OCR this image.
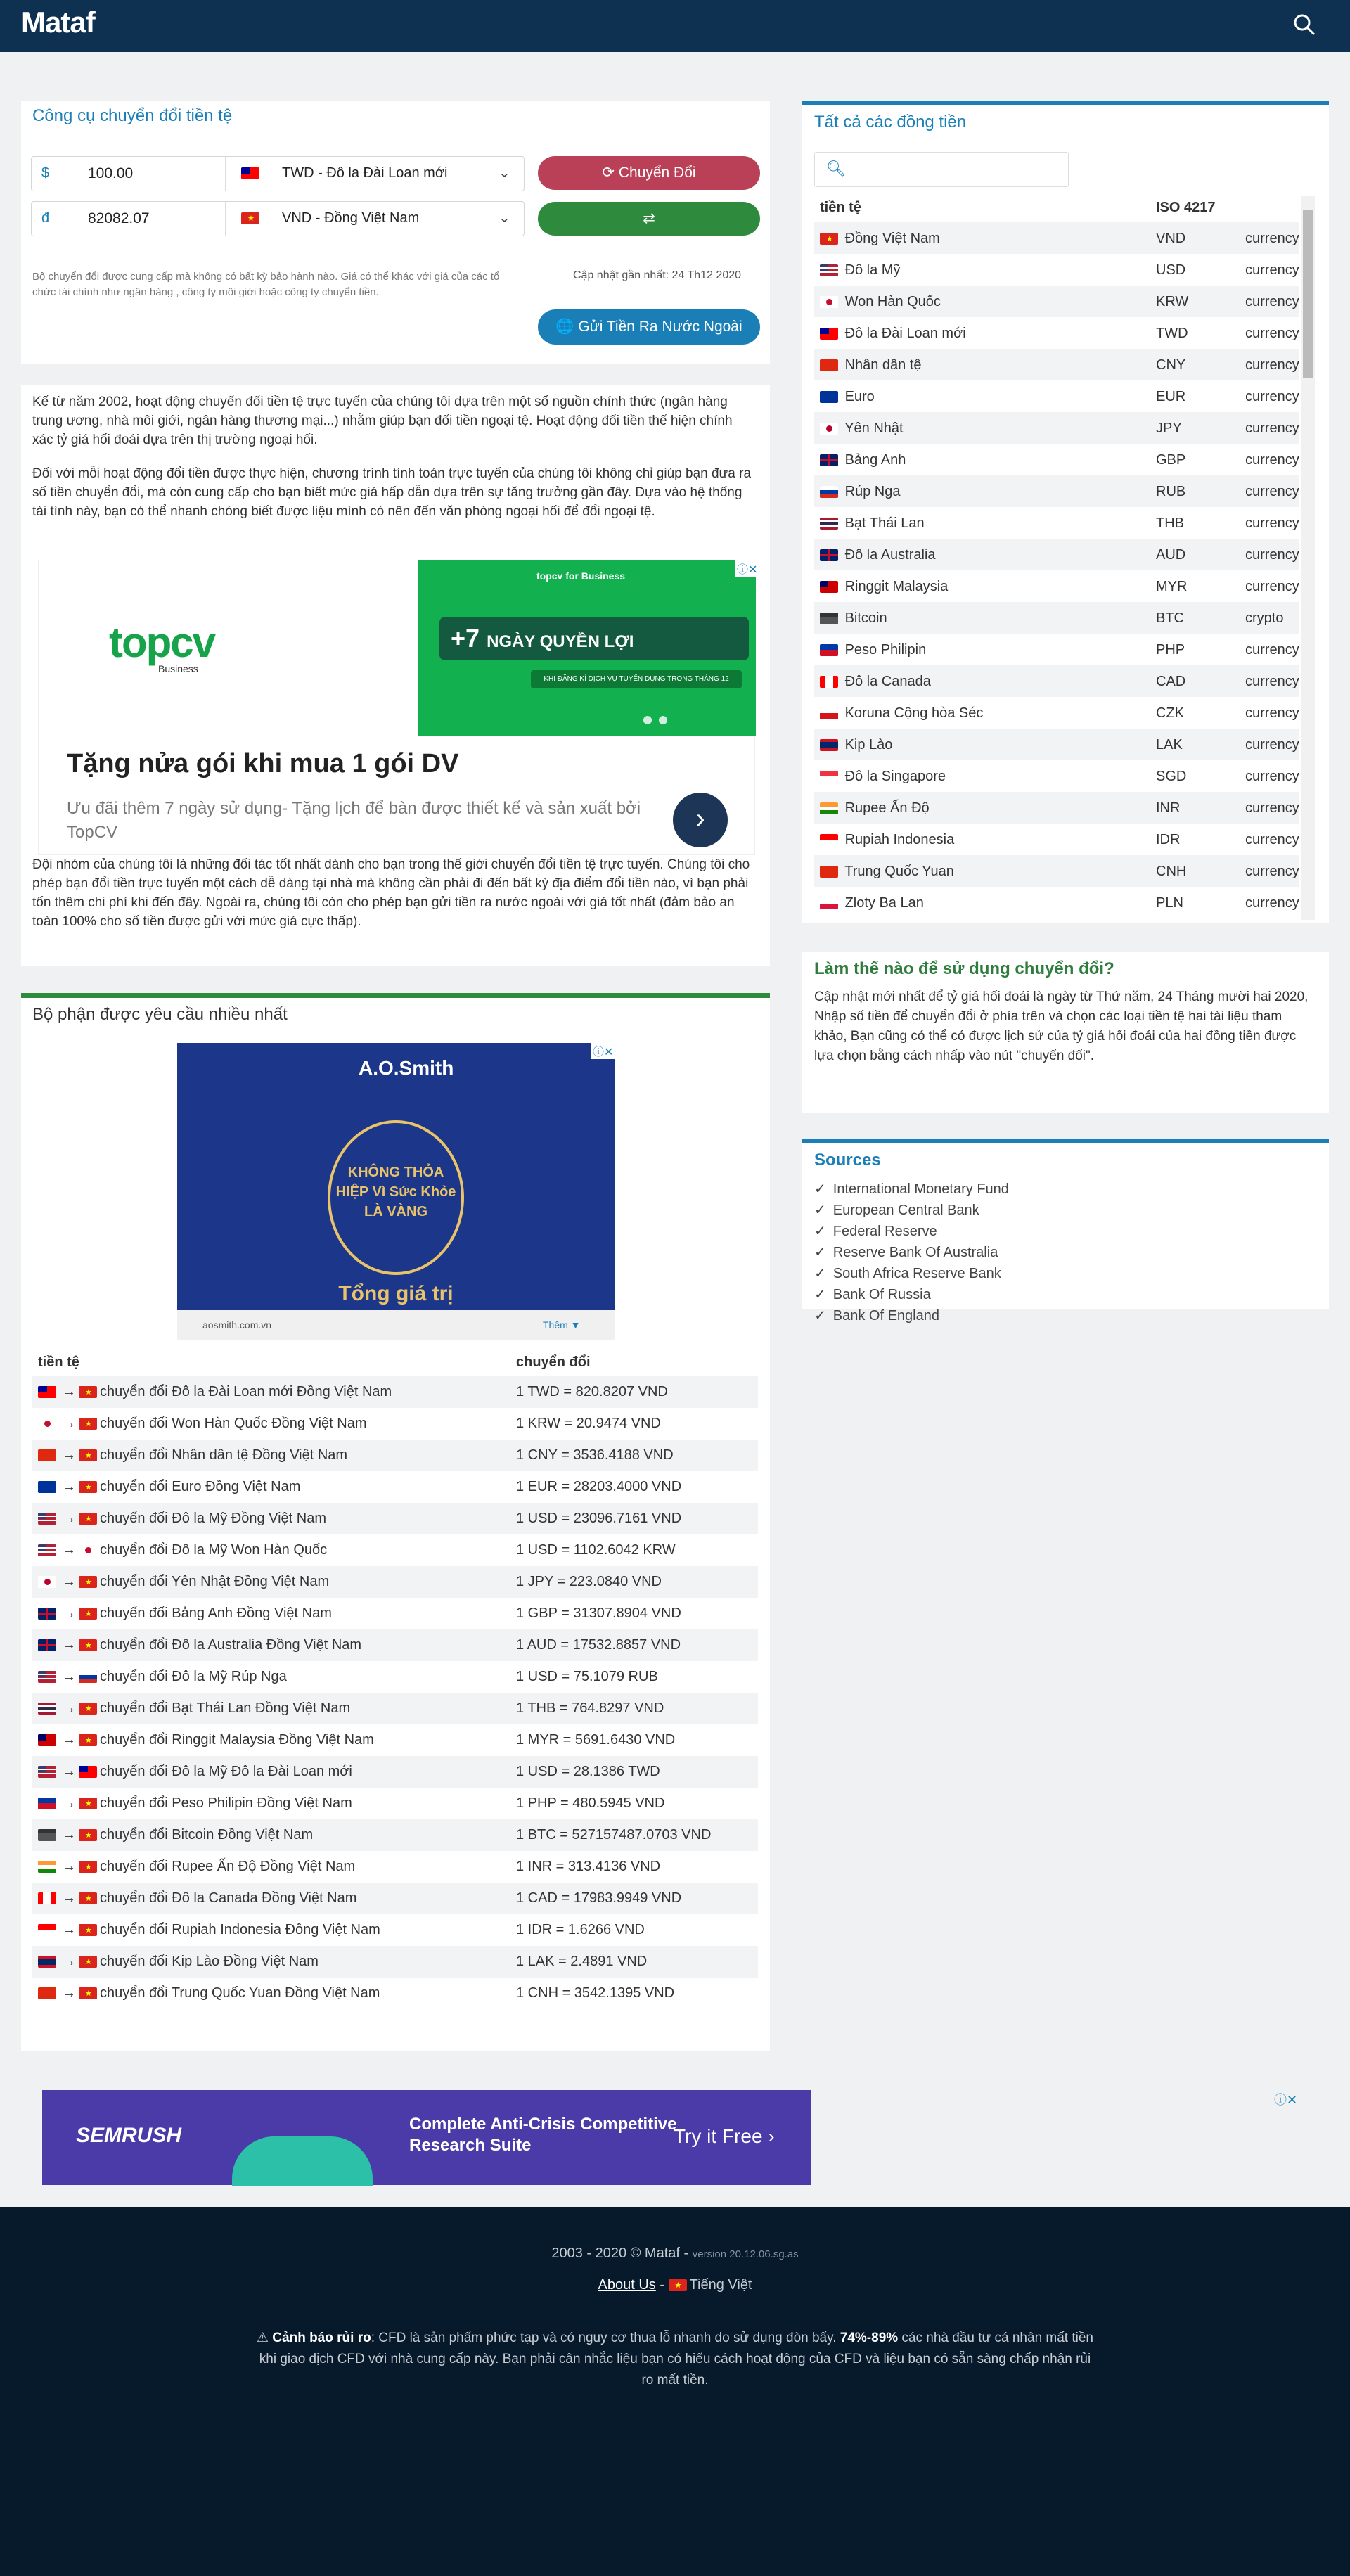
Mataf
Công cụ chuyển đổi tiền tệ
$	100.00	TWD - Đô la Đài Loan mới	⌄
đ	82082.07	★ VND - Đồng Việt Nam	⌄
⟳ Chuyển Đổi
⇄
Bộ chuyển đổi được cung cấp mà không có bất kỳ bảo hành nào. Giá có thể khác với giá của các tổ chức tài chính như ngân hàng , công ty môi giới hoặc công ty chuyển tiền.
Cập nhật gần nhất: 24 Th12 2020
🌐 Gửi Tiền Ra Nước Ngoài

Kể từ năm 2002, hoạt động chuyển đổi tiền tệ trực tuyến của chúng tôi dựa trên một số nguồn chính thức (ngân hàng trung ương, nhà môi giới, ngân hàng thương mại...) nhằm giúp bạn đổi tiền ngoại tệ. Hoạt động đổi tiền thể hiện chính xác tỷ giá hối đoái dựa trên thị trường ngoại hối.

Đối với mỗi hoạt động đổi tiền được thực hiện, chương trình tính toán trực tuyến của chúng tôi không chỉ giúp bạn đưa ra số tiền chuyển đổi, mà còn cung cấp cho bạn biết mức giá hấp dẫn dựa trên sự tăng trưởng gần đây. Dựa vào hệ thống tài tình này, bạn có thể nhanh chóng biết được liệu mình có nên đến văn phòng ngoại hối để đổi ngoại tệ.

topcv
Business
topcv for Business
+7 NGÀY QUYỀN LỢI
KHI ĐĂNG KÍ DỊCH VỤ TUYỂN DỤNG TRONG THÁNG 12
ⓘ✕
Tặng nửa gói khi mua 1 gói DV
Ưu đãi thêm 7 ngày sử dụng- Tặng lịch để bàn được thiết kế và sản xuất bởi TopCV	›

Đội nhóm của chúng tôi là những đối tác tốt nhất dành cho bạn trong thế giới chuyển đổi tiền tệ trực tuyến. Chúng tôi cho phép bạn đổi tiền trực tuyến một cách dễ dàng tại nhà mà không cần phải đi đến bất kỳ địa điểm đổi tiền nào, vì bạn phải tốn thêm chi phí khi đến đây. Ngoài ra, chúng tôi còn cho phép bạn gửi tiền ra nước ngoài với giá tốt nhất (đảm bảo an toàn 100% cho số tiền được gửi với mức giá cực thấp).

Bộ phận được yêu cầu nhiều nhất
A.O.Smith
KHÔNG THỎA HIỆP Vì Sức Khỏe LÀ VÀNG
Tổng giá trị
aosmith.com.vn	Thêm ▼
ⓘ✕
tiền tệ	chuyển đổi

→ ★ chuyển đổi Đô la Đài Loan mới Đồng Việt Nam	1 TWD = 820.8207 VND

→ ★ chuyển đổi Won Hàn Quốc Đồng Việt Nam	1 KRW = 20.9474 VND
→ ★ chuyển đổi Nhân dân tệ Đồng Việt Nam	1 CNY = 3536.4188 VND
→ ★ chuyển đổi Euro Đồng Việt Nam	1 EUR = 28203.4000 VND

→ ★ chuyển đổi Đô la Mỹ Đồng Việt Nam	1 USD = 23096.7161 VND

→ chuyển đổi Đô la Mỹ Won Hàn Quốc	1 USD = 1102.6042 KRW

→ ★ chuyển đổi Yên Nhật Đồng Việt Nam	1 JPY = 223.0840 VND

→ ★ chuyển đổi Bảng Anh Đồng Việt Nam	1 GBP = 31307.8904 VND

→ ★ chuyển đổi Đô la Australia Đồng Việt Nam	1 AUD = 17532.8857 VND

→ chuyển đổi Đô la Mỹ Rúp Nga	1 USD = 75.1079 RUB

→ ★ chuyển đổi Bạt Thái Lan Đồng Việt Nam	1 THB = 764.8297 VND

→ ★ chuyển đổi Ringgit Malaysia Đồng Việt Nam	1 MYR = 5691.6430 VND

→ chuyển đổi Đô la Mỹ Đô la Đài Loan mới	1 USD = 28.1386 TWD

→ ★ chuyển đổi Peso Philipin Đồng Việt Nam	1 PHP = 480.5945 VND

→ ★ chuyển đổi Bitcoin Đồng Việt Nam	1 BTC = 527157487.0703 VND

→ ★ chuyển đổi Rupee Ấn Độ Đồng Việt Nam	1 INR = 313.4136 VND

→ ★ chuyển đổi Đô la Canada Đồng Việt Nam	1 CAD = 17983.9949 VND

→ ★ chuyển đổi Rupiah Indonesia Đồng Việt Nam	1 IDR = 1.6266 VND

→ ★ chuyển đổi Kip Lào Đồng Việt Nam	1 LAK = 2.4891 VND
→ ★ chuyển đổi Trung Quốc Yuan Đồng Việt Nam	1 CNH = 3542.1395 VND
Tất cả các đồng tiền
🔍︎
tiền tệ	ISO 4217
★ Đồng Việt Nam	VND	currency
Đô la Mỹ	USD	currency
Won Hàn Quốc	KRW	currency
Đô la Đài Loan mới	TWD	currency
Nhân dân tệ	CNY	currency
Euro	EUR	currency
Yên Nhật	JPY	currency
Bảng Anh	GBP	currency
Rúp Nga	RUB	currency
Bạt Thái Lan	THB	currency
Đô la Australia	AUD	currency
Ringgit Malaysia	MYR	currency
Bitcoin	BTC	crypto
Peso Philipin	PHP	currency
Đô la Canada	CAD	currency
Koruna Cộng hòa Séc	CZK	currency
Kip Lào	LAK	currency
Đô la Singapore	SGD	currency
Rupee Ấn Độ	INR	currency
Rupiah Indonesia	IDR	currency
Trung Quốc Yuan	CNH	currency
Zloty Ba Lan	PLN	currency
Làm thế nào để sử dụng chuyển đổi?

Cập nhật mới nhất để tỷ giá hối đoái là ngày từ Thứ năm, 24 Tháng mười hai 2020, Nhập số tiền để chuyển đổi ở phía trên và chọn các loại tiền tệ hai tài liệu tham khảo, Bạn cũng có thể có được lịch sử của tỷ giá hối đoái của hai đồng tiền được lựa chọn bằng cách nhấp vào nút "chuyển đổi".

Sources
✓ International Monetary Fund
✓ European Central Bank
✓ Federal Reserve
✓ Reserve Bank Of Australia
✓ South Africa Reserve Bank
✓ Bank Of Russia
✓ Bank Of England
SEMRUSH	Complete Anti-Crisis Competitive Research Suite	Try it Free ›
ⓘ✕
2003 - 2020 © Mataf - version 20.12.06.sg.as
About Us - ★ Tiếng Việt
⚠ Cảnh báo rủi ro: CFD là sản phẩm phức tạp và có nguy cơ thua lỗ nhanh do sử dụng đòn bẩy. 74%-89% các nhà đầu tư cá nhân mất tiền khi giao dịch CFD với nhà cung cấp này. Bạn phải cân nhắc liệu bạn có hiểu cách hoạt động của CFD và liệu bạn có sẵn sàng chấp nhận rủi ro mất tiền.
